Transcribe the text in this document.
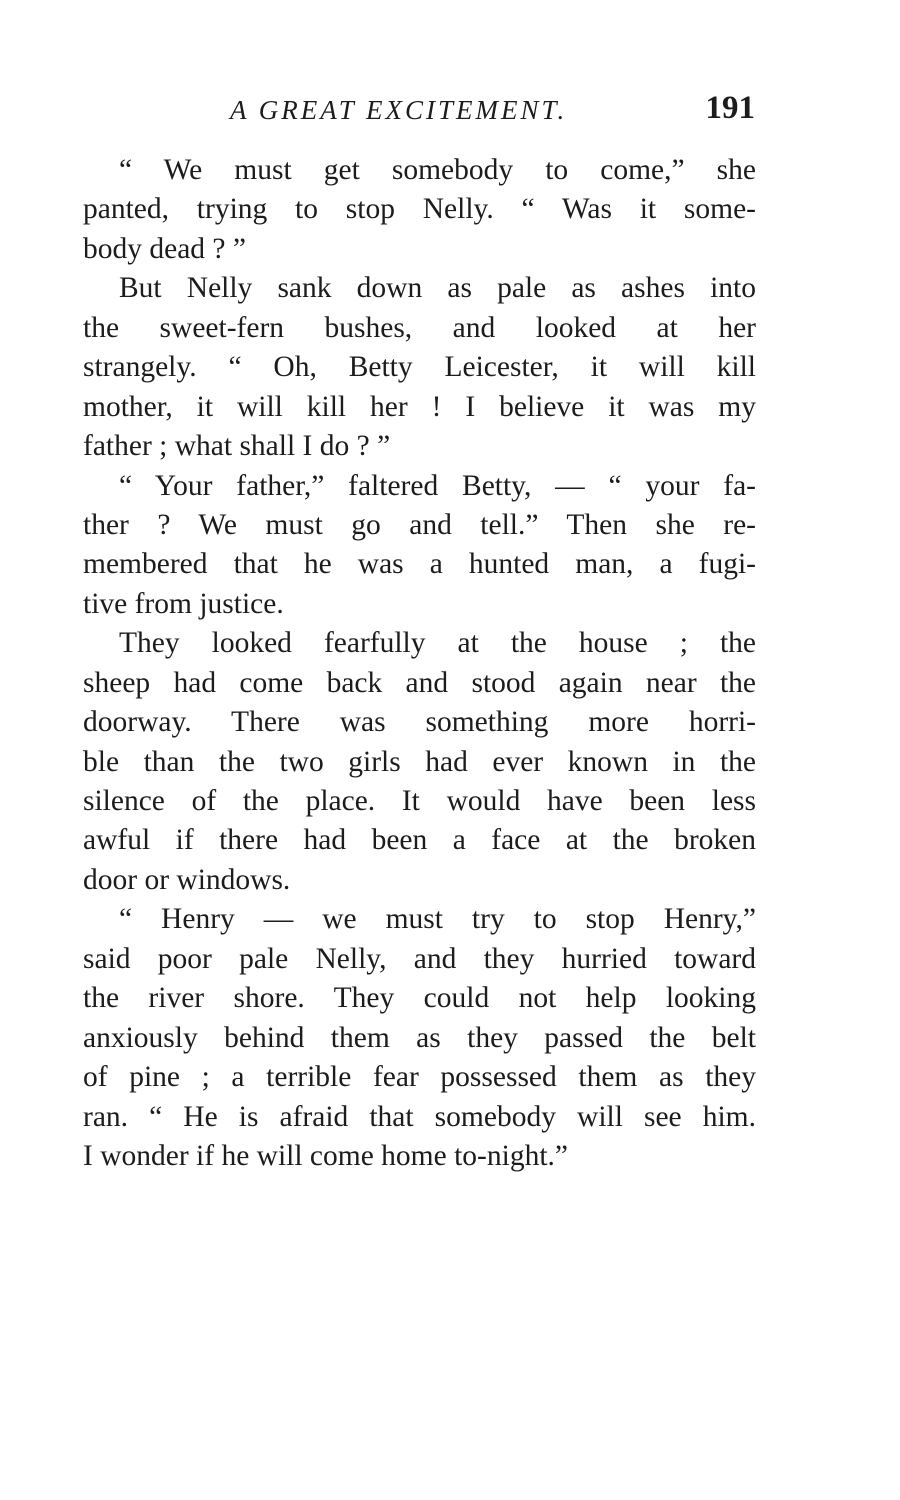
A GREAT EXCITEMENT.	191
“ We must get somebody to come,” she
panted, trying to stop Nelly. “ Was it some-
body dead ? ”
But Nelly sank down as pale as ashes into
the sweet-fern bushes, and looked at her
strangely. “ Oh, Betty Leicester, it will kill
mother, it will kill her ! I believe it was my
father ; what shall I do ? ”
“ Your father,” faltered Betty, — “ your fa-
ther ? We must go and tell.” Then she re-
membered that he was a hunted man, a fugi-
tive from justice.
They looked fearfully at the house ; the
sheep had come back and stood again near the
doorway. There was something more horri-
ble than the two girls had ever known in the
silence of the place. It would have been less
awful if there had been a face at the broken
door or windows.
“ Henry — we must try to stop Henry,”
said poor pale Nelly, and they hurried toward
the river shore. They could not help looking
anxiously behind them as they passed the belt
of pine ; a terrible fear possessed them as they
ran. “ He is afraid that somebody will see him.
I wonder if he will come home to-night.”
